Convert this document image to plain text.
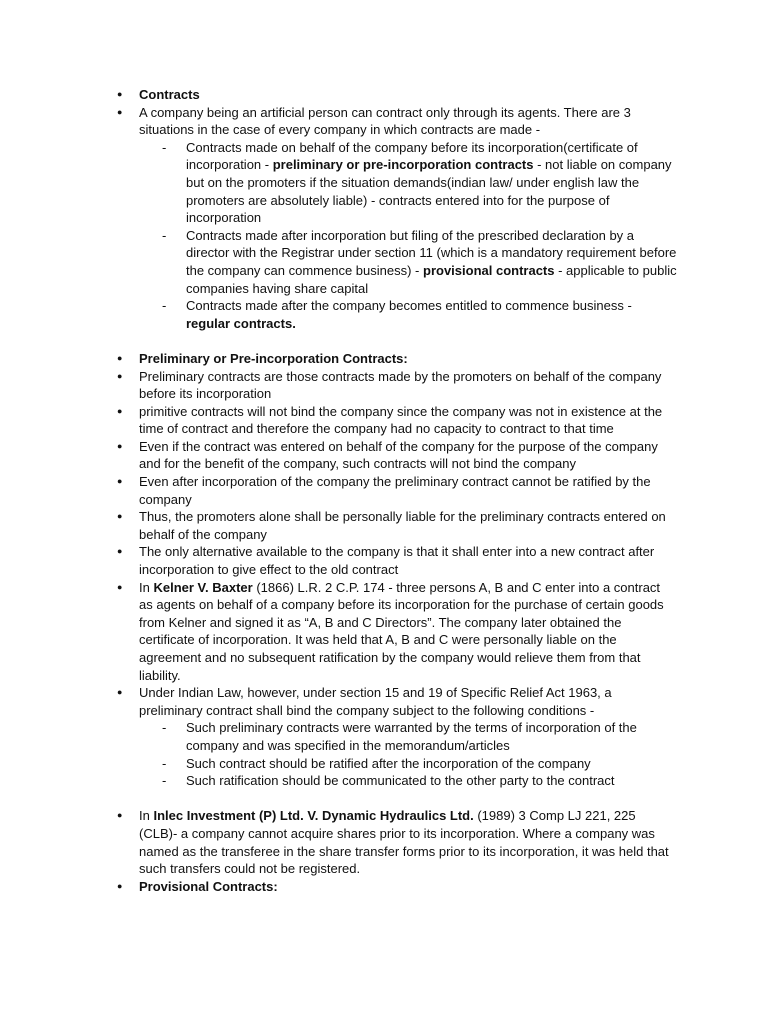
● Contracts
● A company being an artificial person can contract only through its agents. There are 3 situations in the case of every company in which contracts are made -
- Contracts made on behalf of the company before its incorporation(certificate of incorporation - preliminary or pre-incorporation contracts - not liable on company but on the promoters if the situation demands(indian law/ under english law the promoters are absolutely liable) - contracts entered into for the purpose of incorporation
- Contracts made after incorporation but filing of the prescribed declaration by a director with the Registrar under section 11 (which is a mandatory requirement before the company can commence business) - provisional contracts - applicable to public companies having share capital
- Contracts made after the company becomes entitled to commence business - regular contracts.
● Preliminary or Pre-incorporation Contracts:
● Preliminary contracts are those contracts made by the promoters on behalf of the company before its incorporation
● primitive contracts will not bind the company since the company was not in existence at the time of contract and therefore the company had no capacity to contract to that time
● Even if the contract was entered on behalf of the company for the purpose of the company and for the benefit of the company, such contracts will not bind the company
● Even after incorporation of the company the preliminary contract cannot be ratified by the company
● Thus, the promoters alone shall be personally liable for the preliminary contracts entered on behalf of the company
● The only alternative available to the company is that it shall enter into a new contract after incorporation to give effect to the old contract
● In Kelner V. Baxter (1866) L.R. 2 C.P. 174 - three persons A, B and C enter into a contract as agents on behalf of a company before its incorporation for the purchase of certain goods from Kelner and signed it as “A, B and C Directors”. The company later obtained the certificate of incorporation. It was held that A, B and C were personally liable on the agreement and no subsequent ratification by the company would relieve them from that liability.
● Under Indian Law, however, under section 15 and 19 of Specific Relief Act 1963, a preliminary contract shall bind the company subject to the following conditions -
- Such preliminary contracts were warranted by the terms of incorporation of the company and was specified in the memorandum/articles
- Such contract should be ratified after the incorporation of the company
- Such ratification should be communicated to the other party to the contract
● In Inlec Investment (P) Ltd. V. Dynamic Hydraulics Ltd. (1989) 3 Comp LJ 221, 225 (CLB)- a company cannot acquire shares prior to its incorporation. Where a company was named as the transferee in the share transfer forms prior to its incorporation, it was held that such transfers could not be registered.
● Provisional Contracts:
